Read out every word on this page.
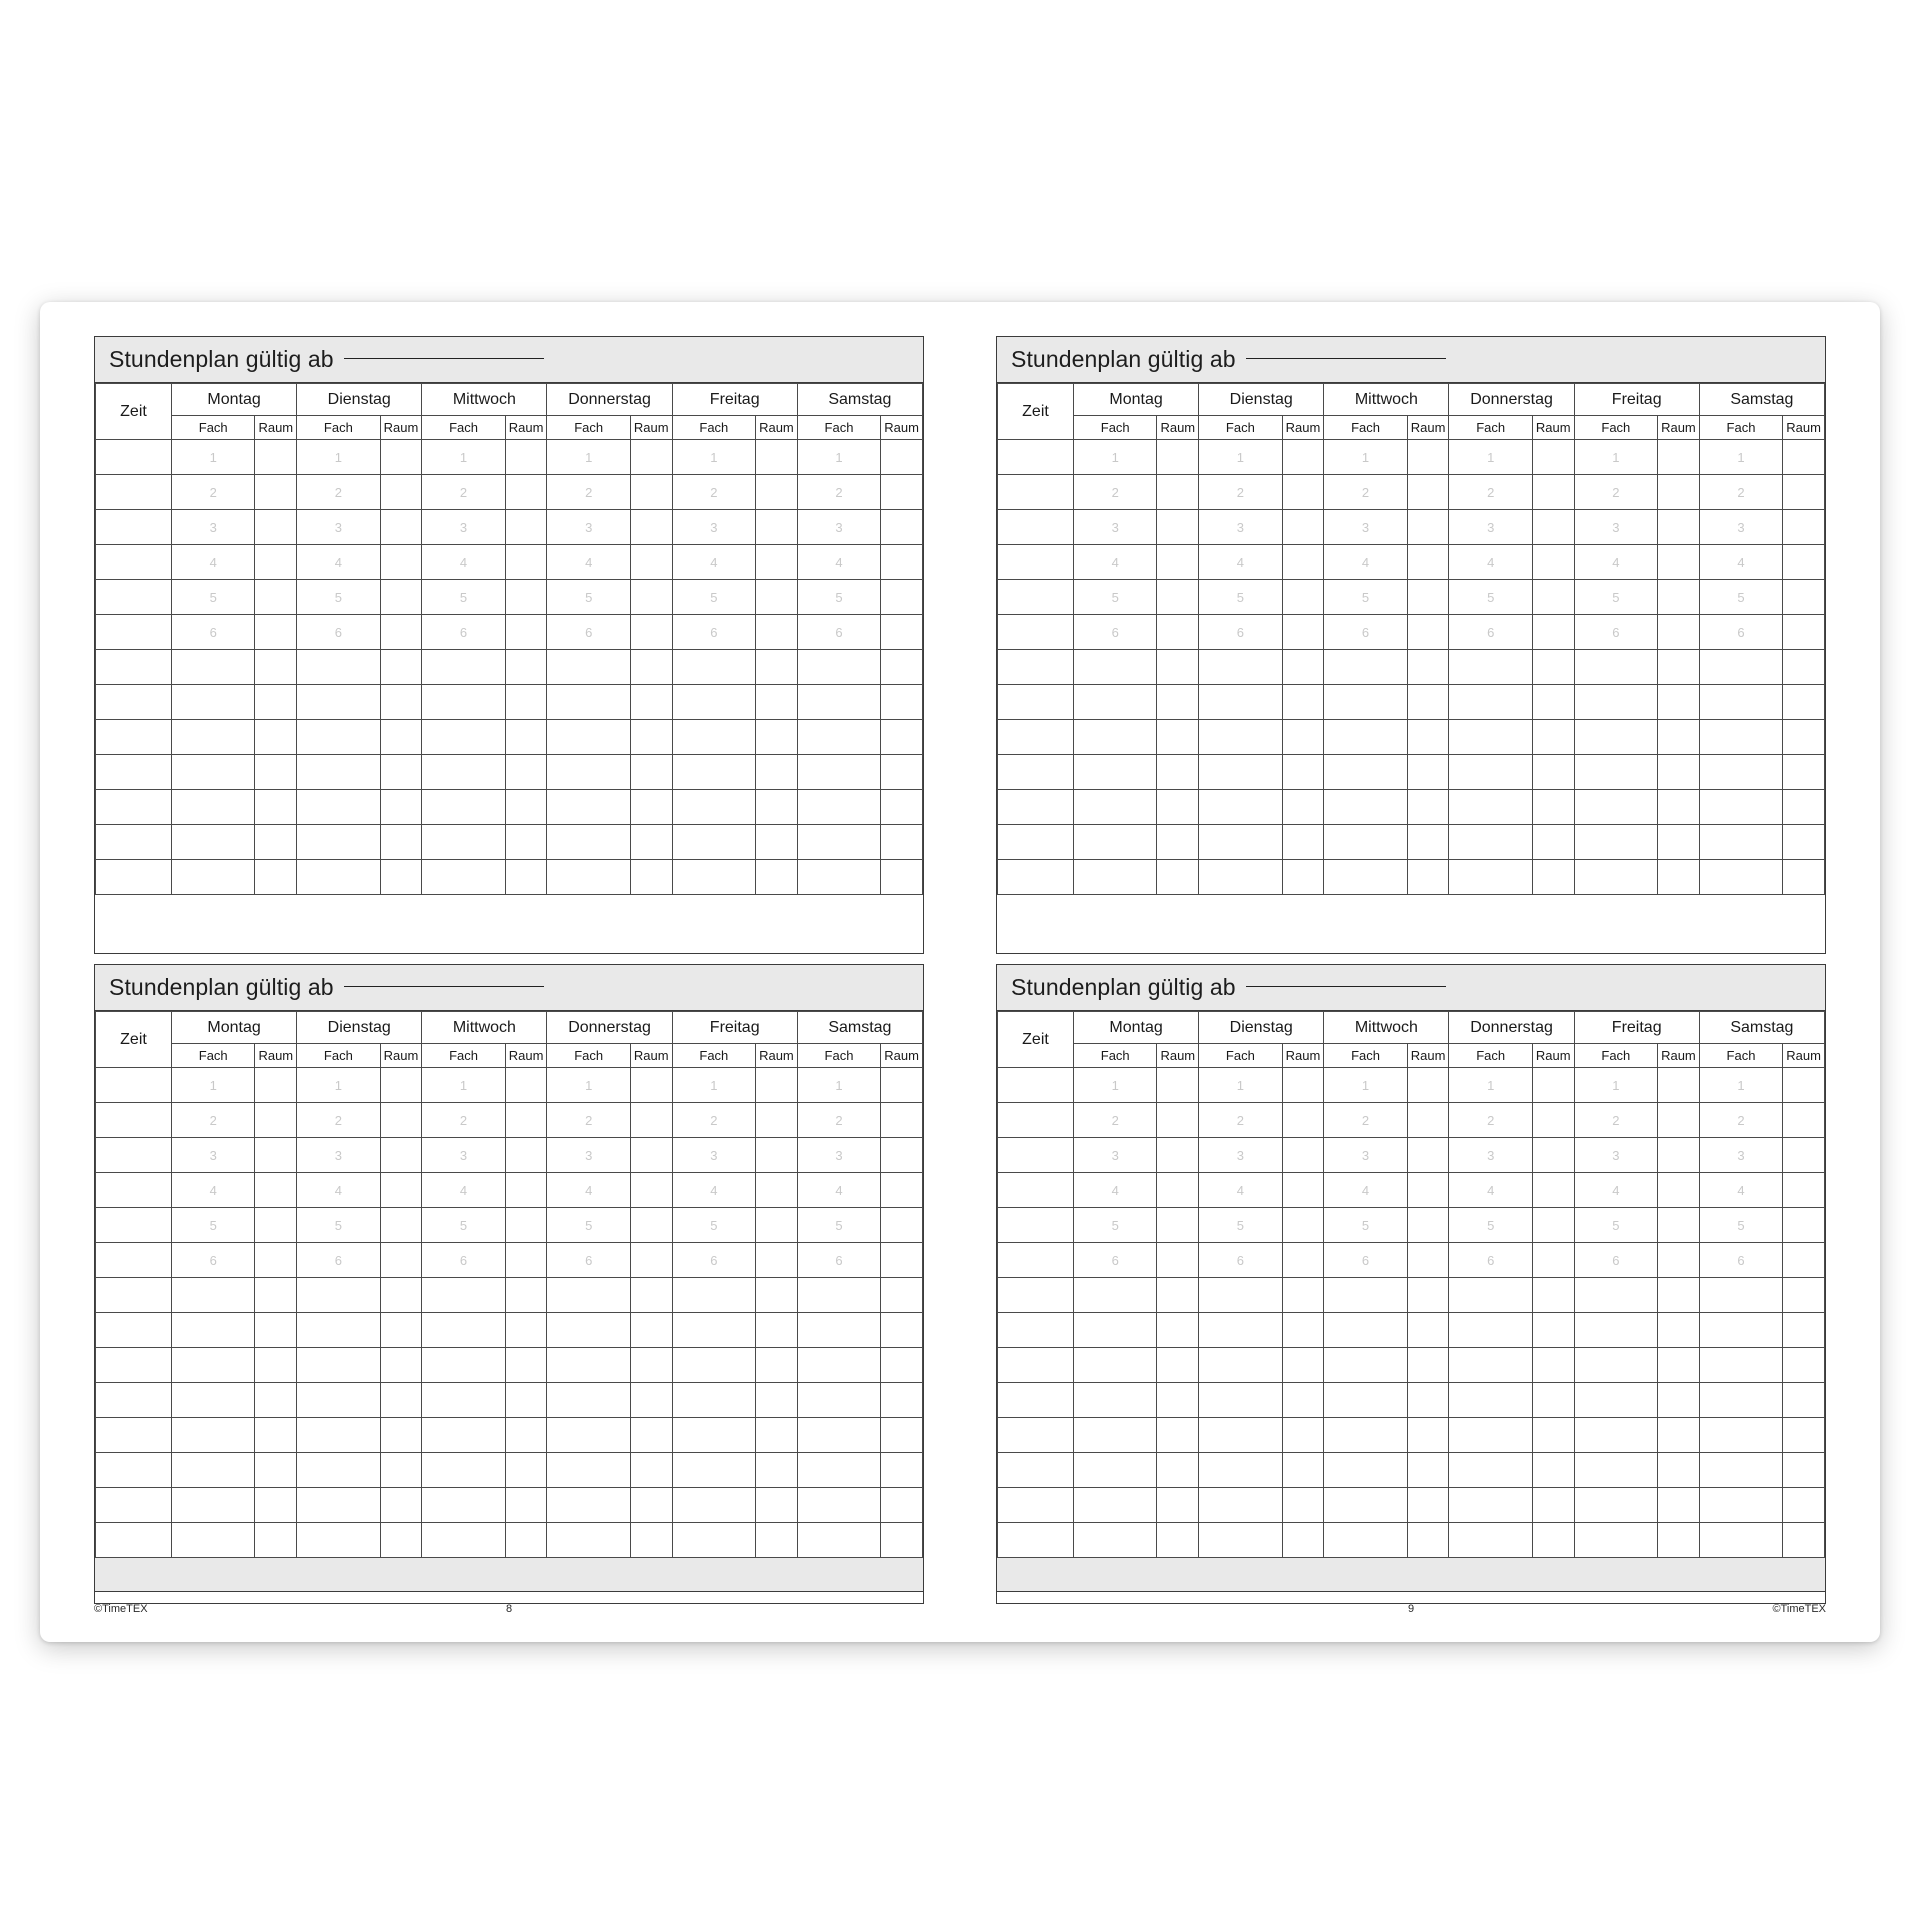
Stundenplan gültig ab
Zeit	Montag		Dienstag		Mittwoch		Donnerstag		Freitag		Samstag	
	Fach	Raum	Fach	Raum	Fach	Raum	Fach	Raum	Fach	Raum	Fach	Raum
	1		1		1		1		1		1	
	2		2		2		2		2		2	
	3		3		3		3		3		3	
	4		4		4		4		4		4	
	5		5		5		5		5		5	
	6		6		6		6		6		6	

Stundenplan gültig ab
Zeit	Montag		Dienstag		Mittwoch		Donnerstag		Freitag		Samstag	
	Fach	Raum	Fach	Raum	Fach	Raum	Fach	Raum	Fach	Raum	Fach	Raum
	1		1		1		1		1		1	
	2		2		2		2		2		2	
	3		3		3		3		3		3	
	4		4		4		4		4		4	
	5		5		5		5		5		5	
	6		6		6		6		6		6	

©TimeTEX	8
Stundenplan gültig ab
Zeit	Montag		Dienstag		Mittwoch		Donnerstag		Freitag		Samstag	
	Fach	Raum	Fach	Raum	Fach	Raum	Fach	Raum	Fach	Raum	Fach	Raum
	1		1		1		1		1		1	
	2		2		2		2		2		2	
	3		3		3		3		3		3	
	4		4		4		4		4		4	
	5		5		5		5		5		5	
	6		6		6		6		6		6	

Stundenplan gültig ab
Zeit	Montag		Dienstag		Mittwoch		Donnerstag		Freitag		Samstag	
	Fach	Raum	Fach	Raum	Fach	Raum	Fach	Raum	Fach	Raum	Fach	Raum
	1		1		1		1		1		1	
	2		2		2		2		2		2	
	3		3		3		3		3		3	
	4		4		4		4		4		4	
	5		5		5		5		5		5	
	6		6		6		6		6		6	

9	©TimeTEX
